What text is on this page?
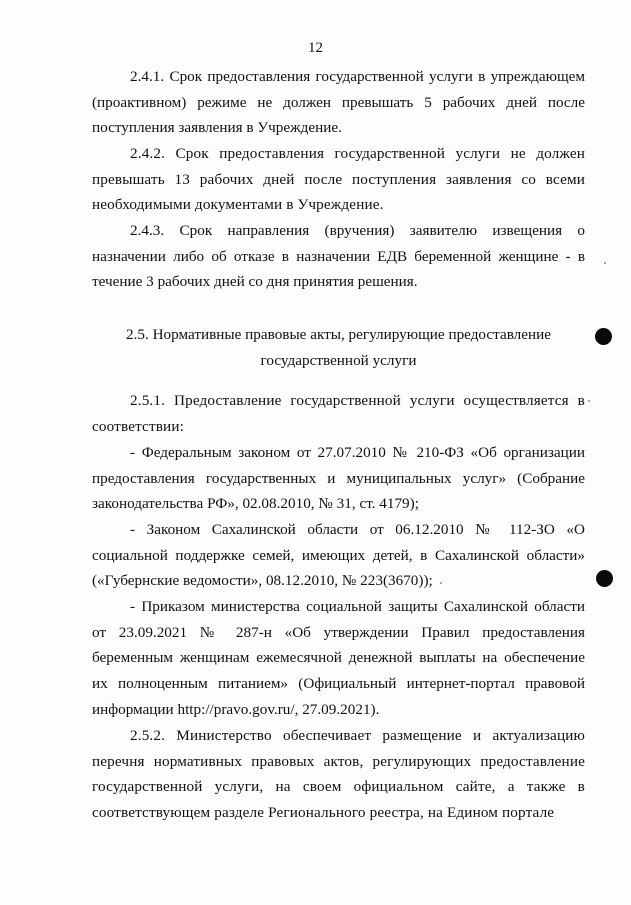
12

2.4.1. Срок предоставления государственной услуги в упреждающем (проактивном) режиме не должен превышать 5 рабочих дней после поступления заявления в Учреждение.

2.4.2. Срок предоставления государственной услуги не должен превышать 13 рабочих дней после поступления заявления со всеми необходимыми документами в Учреждение.

2.4.3. Срок направления (вручения) заявителю извещения о назначении либо об отказе в назначении ЕДВ беременной женщине - в течение 3 рабочих дней со дня принятия решения.

2.5. Нормативные правовые акты, регулирующие предоставление

государственной услуги

2.5.1. Предоставление государственной услуги осуществляется в соответствии:

- Федеральным законом от 27.07.2010 № 210-ФЗ «Об организации предоставления государственных и муниципальных услуг» (Собрание законодательства РФ», 02.08.2010, № 31, ст. 4179);

- Законом Сахалинской области от 06.12.2010 № 112-ЗО «О социальной поддержке семей, имеющих детей, в Сахалинской области» («Губернские ведомости», 08.12.2010, № 223(3670));

- Приказом министерства социальной защиты Сахалинской области от 23.09.2021 № 287-н «Об утверждении Правил предоставления беременным женщинам ежемесячной денежной выплаты на обеспечение их полноценным питанием» (Официальный интернет-портал правовой информации http://pravo.gov.ru/, 27.09.2021).

2.5.2. Министерство обеспечивает размещение и актуализацию перечня нормативных правовых актов, регулирующих предоставление государственной услуги, на своем официальном сайте, а также в соответствующем разделе Регионального реестра, на Едином портале
